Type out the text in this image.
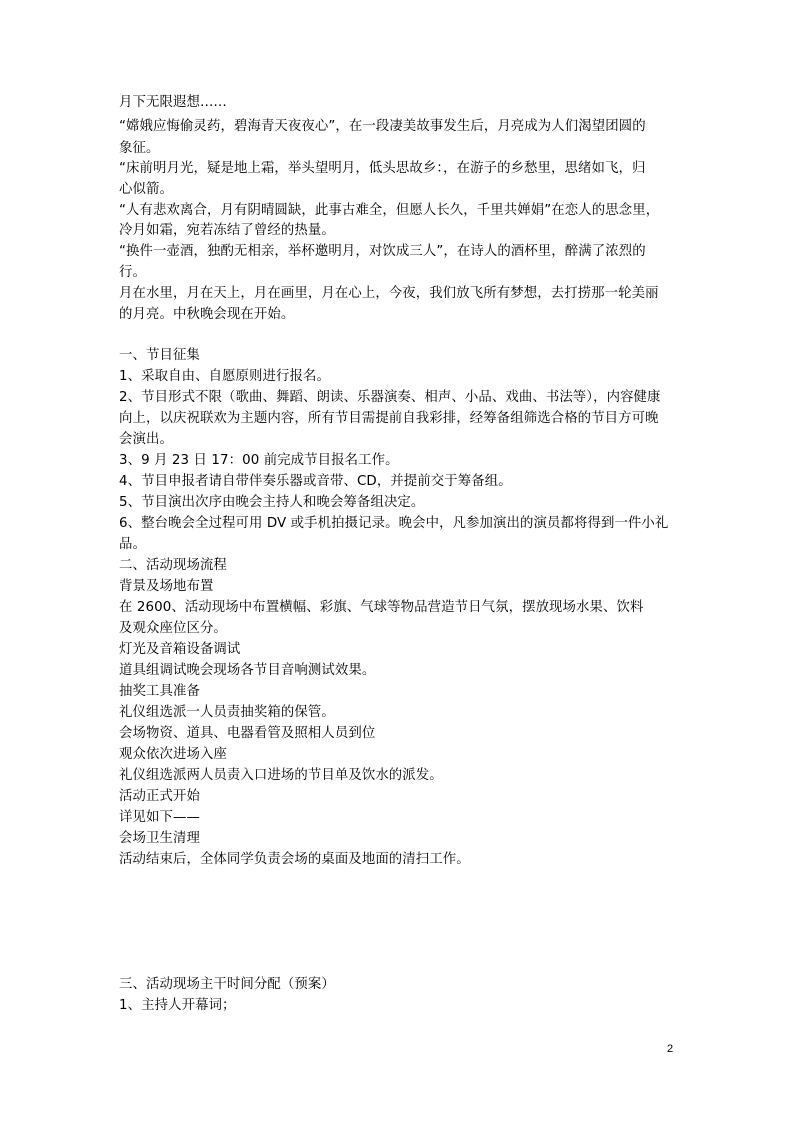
月下无限遐想……
“嫦娥应悔偷灵药，碧海青天夜夜心”，在一段凄美故事发生后，月亮成为人们渴望团圆的
象征。
“床前明月光，疑是地上霜，举头望明月，低头思故乡：，在游子的乡愁里，思绪如飞，归
心似箭。
“人有悲欢离合，月有阴晴圆缺，此事古难全，但愿人长久，千里共婵娟”在恋人的思念里，
冷月如霜，宛若冻结了曾经的热量。
“换件一壶酒，独酌无相亲，举杯邀明月，对饮成三人”，在诗人的酒杯里，醉满了浓烈的
行。
月在水里，月在天上，月在画里，月在心上，今夜，我们放飞所有梦想，去打捞那一轮美丽
的月亮。中秋晚会现在开始。
一、节目征集
1、采取自由、自愿原则进行报名。
2、节目形式不限（歌曲、舞蹈、朗读、乐器演奏、相声、小品、戏曲、书法等），内容健康
向上，以庆祝联欢为主题内容，所有节目需提前自我彩排，经筹备组筛选合格的节目方可晚
会演出。
3、9 月 23 日 17：00 前完成节目报名工作。
4、节目申报者请自带伴奏乐器或音带、CD，并提前交于筹备组。
5、节目演出次序由晚会主持人和晚会筹备组决定。
6、整台晚会全过程可用 DV 或手机拍摄记录。晚会中，凡参加演出的演员都将得到一件小礼
品。
二、活动现场流程
背景及场地布置
在 2600、活动现场中布置横幅、彩旗、气球等物品营造节日气氛，摆放现场水果、饮料
及观众座位区分。
灯光及音箱设备调试
道具组调试晚会现场各节目音响测试效果。
抽奖工具准备
礼仪组选派一人员责抽奖箱的保管。
会场物资、道具、电器看管及照相人员到位
观众依次进场入座
礼仪组选派两人员责入口进场的节目单及饮水的派发。
活动正式开始
详见如下——
会场卫生清理
活动结束后，全体同学负责会场的桌面及地面的清扫工作。
三、活动现场主干时间分配（预案）
1、主持人开幕词；
2
